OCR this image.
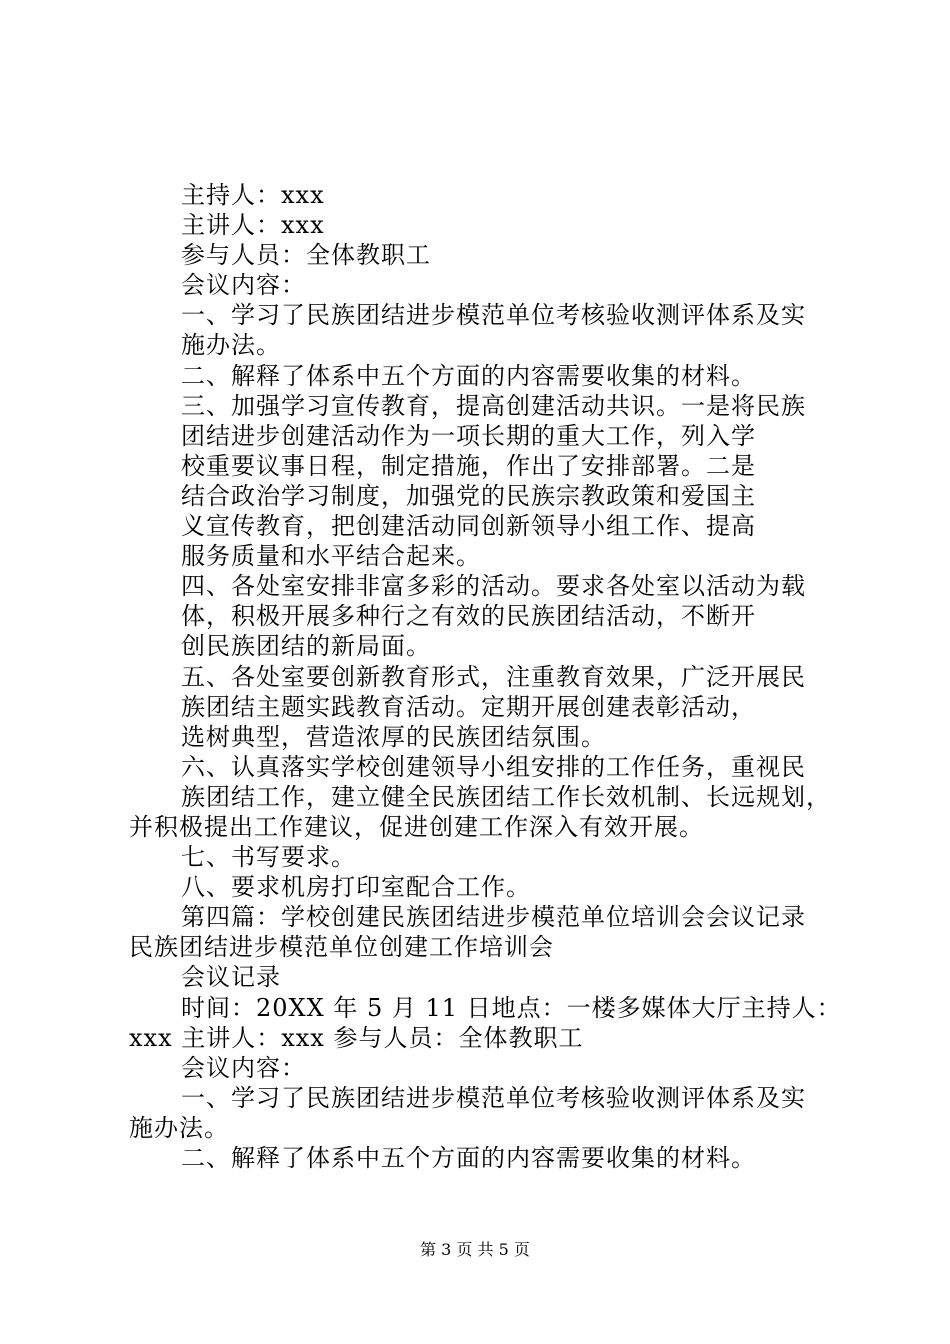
主持人：xxx
主讲人：xxx
参与人员：全体教职工
会议内容：
一、学习了民族团结进步模范单位考核验收测评体系及实
施办法。
二、解释了体系中五个方面的内容需要收集的材料。
三、加强学习宣传教育，提高创建活动共识。一是将民族
团结进步创建活动作为一项长期的重大工作，列入学
校重要议事日程，制定措施，作出了安排部署。二是
结合政治学习制度，加强党的民族宗教政策和爱国主
义宣传教育，把创建活动同创新领导小组工作、提高
服务质量和水平结合起来。
四、各处室安排非富多彩的活动。要求各处室以活动为载
体，积极开展多种行之有效的民族团结活动，不断开
创民族团结的新局面。
五、各处室要创新教育形式，注重教育效果，广泛开展民
族团结主题实践教育活动。定期开展创建表彰活动，
选树典型，营造浓厚的民族团结氛围。
六、认真落实学校创建领导小组安排的工作任务，重视民
族团结工作，建立健全民族团结工作长效机制、长远规划，
并积极提出工作建议，促进创建工作深入有效开展。
七、书写要求。
八、要求机房打印室配合工作。
第四篇：学校创建民族团结进步模范单位培训会会议记录
民族团结进步模范单位创建工作培训会
会议记录
时间：20XX 年 5 月 11 日地点：一楼多媒体大厅主持人：
xxx 主讲人：xxx 参与人员：全体教职工
会议内容：
一、学习了民族团结进步模范单位考核验收测评体系及实
施办法。
二、解释了体系中五个方面的内容需要收集的材料。
第 3 页 共 5 页
